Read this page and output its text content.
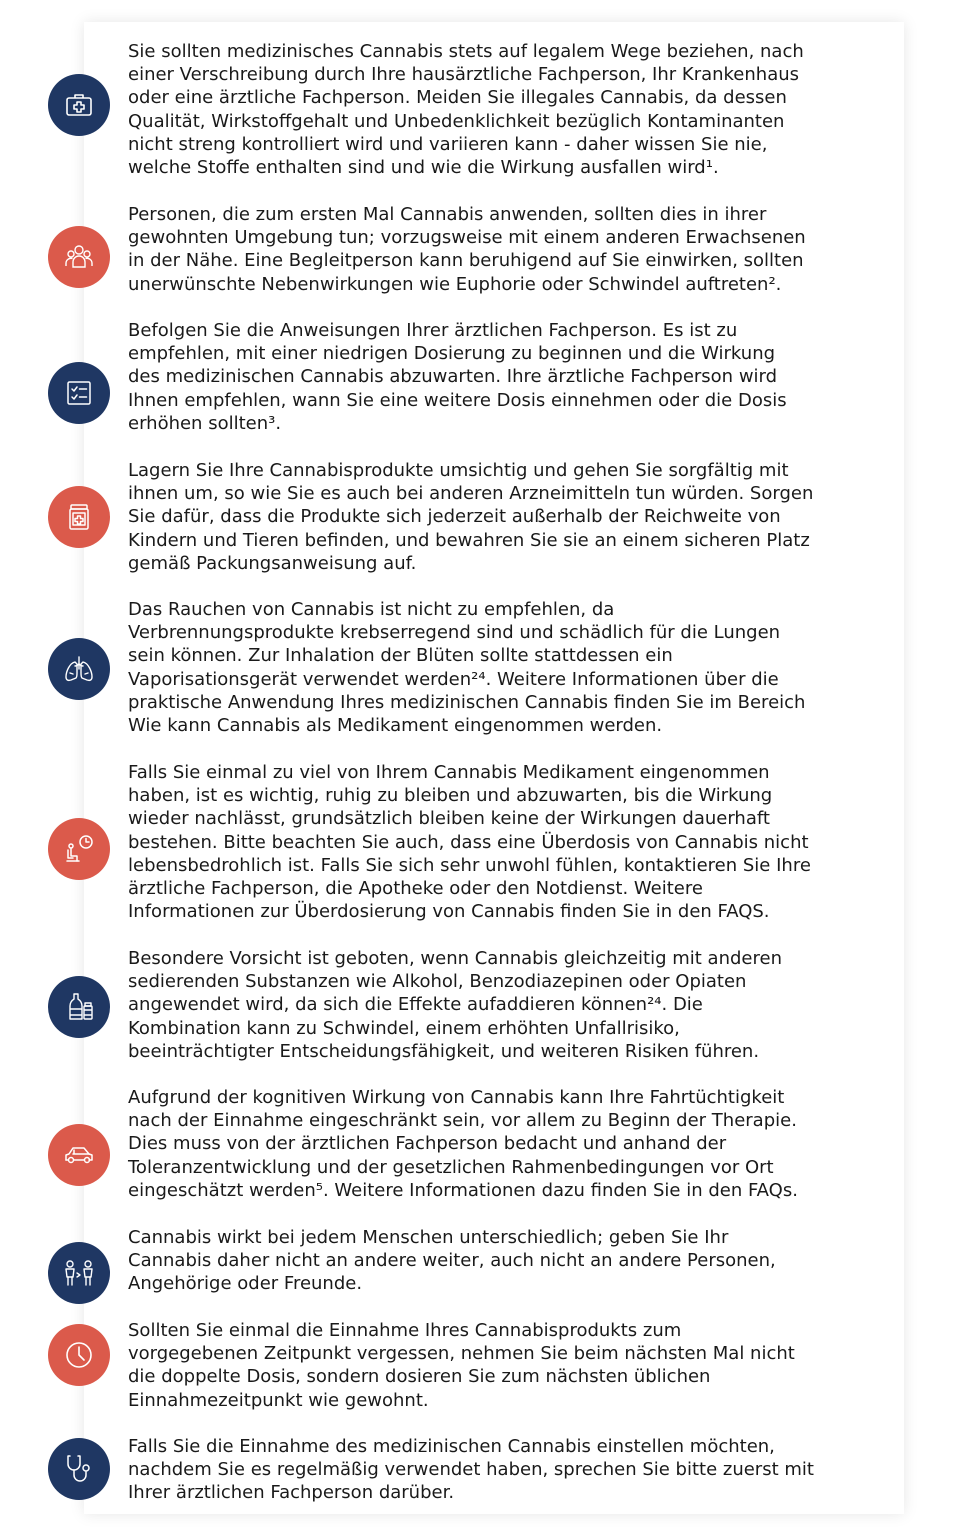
Sie sollten medizinisches Cannabis stets auf legalem Wege beziehen, nach
einer Verschreibung durch Ihre hausärztliche Fachperson, Ihr Krankenhaus
oder eine ärztliche Fachperson. Meiden Sie illegales Cannabis, da dessen
Qualität, Wirkstoffgehalt und Unbedenklichkeit bezüglich Kontaminanten
nicht streng kontrolliert wird und variieren kann - daher wissen Sie nie,
welche Stoffe enthalten sind und wie die Wirkung ausfallen wird¹.

Personen, die zum ersten Mal Cannabis anwenden, sollten dies in ihrer
gewohnten Umgebung tun; vorzugsweise mit einem anderen Erwachsenen
in der Nähe. Eine Begleitperson kann beruhigend auf Sie einwirken, sollten
unerwünschte Nebenwirkungen wie Euphorie oder Schwindel auftreten².

Befolgen Sie die Anweisungen Ihrer ärztlichen Fachperson. Es ist zu
empfehlen, mit einer niedrigen Dosierung zu beginnen und die Wirkung
des medizinischen Cannabis abzuwarten. Ihre ärztliche Fachperson wird
Ihnen empfehlen, wann Sie eine weitere Dosis einnehmen oder die Dosis
erhöhen sollten³.

Lagern Sie Ihre Cannabisprodukte umsichtig und gehen Sie sorgfältig mit
ihnen um, so wie Sie es auch bei anderen Arzneimitteln tun würden. Sorgen
Sie dafür, dass die Produkte sich jederzeit außerhalb der Reichweite von
Kindern und Tieren befinden, und bewahren Sie sie an einem sicheren Platz
gemäß Packungsanweisung auf.

Das Rauchen von Cannabis ist nicht zu empfehlen, da
Verbrennungsprodukte krebserregend sind und schädlich für die Lungen
sein können. Zur Inhalation der Blüten sollte stattdessen ein
Vaporisationsgerät verwendet werden²⁴. Weitere Informationen über die
praktische Anwendung Ihres medizinischen Cannabis finden Sie im Bereich
Wie kann Cannabis als Medikament eingenommen werden.

Falls Sie einmal zu viel von Ihrem Cannabis Medikament eingenommen
haben, ist es wichtig, ruhig zu bleiben und abzuwarten, bis die Wirkung
wieder nachlässt, grundsätzlich bleiben keine der Wirkungen dauerhaft
bestehen. Bitte beachten Sie auch, dass eine Überdosis von Cannabis nicht
lebensbedrohlich ist. Falls Sie sich sehr unwohl fühlen, kontaktieren Sie Ihre
ärztliche Fachperson, die Apotheke oder den Notdienst. Weitere
Informationen zur Überdosierung von Cannabis finden Sie in den FAQS.

Besondere Vorsicht ist geboten, wenn Cannabis gleichzeitig mit anderen
sedierenden Substanzen wie Alkohol, Benzodiazepinen oder Opiaten
angewendet wird, da sich die Effekte aufaddieren können²⁴. Die
Kombination kann zu Schwindel, einem erhöhten Unfallrisiko,
beeinträchtigter Entscheidungsfähigkeit, und weiteren Risiken führen.

Aufgrund der kognitiven Wirkung von Cannabis kann Ihre Fahrtüchtigkeit
nach der Einnahme eingeschränkt sein, vor allem zu Beginn der Therapie.
Dies muss von der ärztlichen Fachperson bedacht und anhand der
Toleranzentwicklung und der gesetzlichen Rahmenbedingungen vor Ort
eingeschätzt werden⁵. Weitere Informationen dazu finden Sie in den FAQs.

Cannabis wirkt bei jedem Menschen unterschiedlich; geben Sie Ihr
Cannabis daher nicht an andere weiter, auch nicht an andere Personen,
Angehörige oder Freunde.

Sollten Sie einmal die Einnahme Ihres Cannabisprodukts zum
vorgegebenen Zeitpunkt vergessen, nehmen Sie beim nächsten Mal nicht
die doppelte Dosis, sondern dosieren Sie zum nächsten üblichen
Einnahmezeitpunkt wie gewohnt.

Falls Sie die Einnahme des medizinischen Cannabis einstellen möchten,
nachdem Sie es regelmäßig verwendet haben, sprechen Sie bitte zuerst mit
Ihrer ärztlichen Fachperson darüber.
